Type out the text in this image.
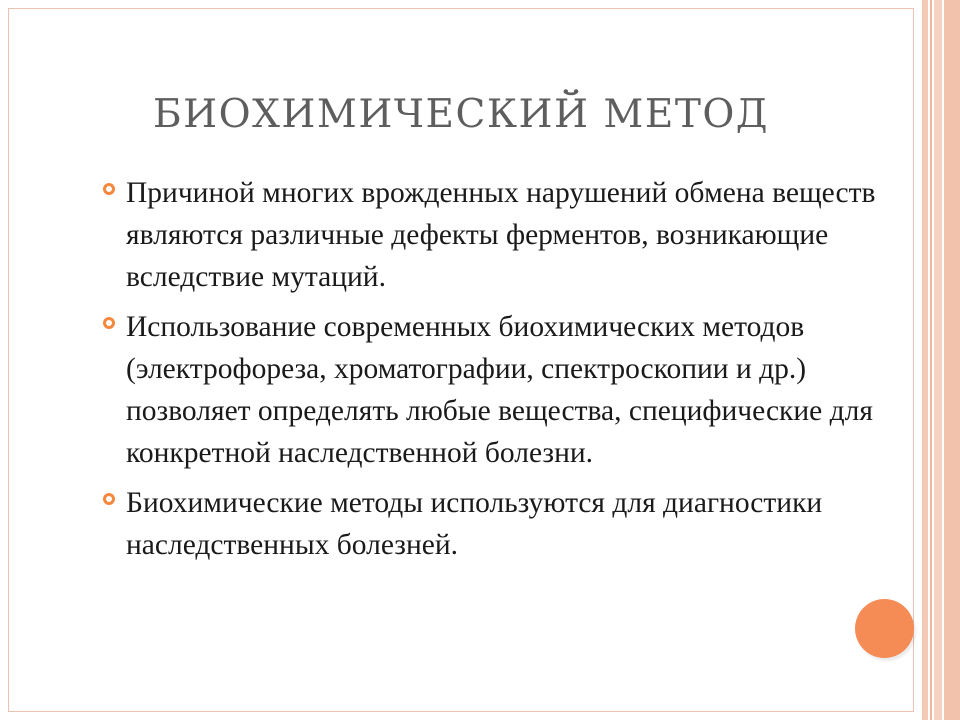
БИОХИМИЧЕСКИЙ МЕТОД
Причиной многих врожденных нарушений обмена веществ являются различные дефекты ферментов, возникающие вследствие мутаций.
Использование современных биохимических методов (электрофореза, хроматографии, спектроскопии и др.) позволяет определять любые вещества, специфические для конкретной наследственной болезни.
Биохимические методы используются для диагностики наследственных болезней.
